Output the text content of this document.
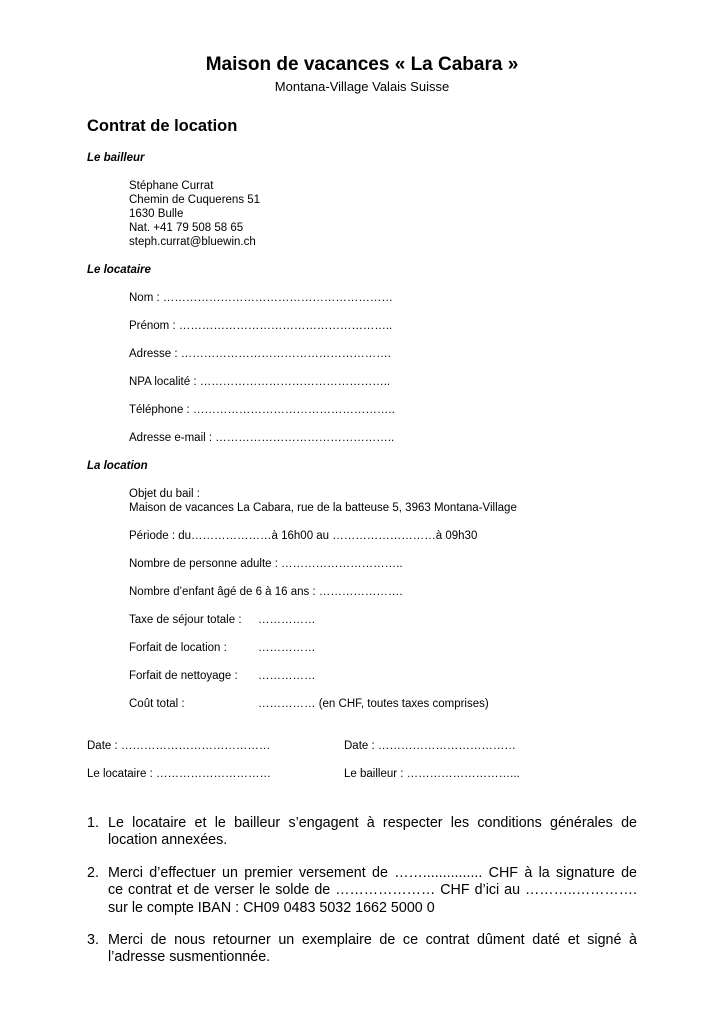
Maison de vacances « La Cabara »
Montana-Village Valais Suisse
Contrat de location
Le bailleur
Stéphane Currat
Chemin de Cuquerens 51
1630 Bulle
Nat. +41 79 508 58 65
steph.currat@bluewin.ch
Le locataire
Nom : ……………………………………………………
Prénom : ………………………………………………..
Adresse : ……………………………………………….
NPA localité : …………………………………………..
Téléphone : ……………………………………………..
Adresse e-mail : ………………………………………..
La location
Objet du bail :
Maison de vacances La Cabara, rue de la batteuse 5, 3963 Montana-Village
Période : du…………………à 16h00 au ………………………à 09h30
Nombre de personne adulte : …………………………..
Nombre d’enfant âgé de 6 à 16 ans : ………………….
Taxe de séjour totale : ……………
Forfait de location :	……………
Forfait de nettoyage : ……………
Coût total :	…………… (en CHF, toutes taxes comprises)
Date : …………………………………	Date : ………………………………
Le locataire : …………………………	Le bailleur : ………………………...
1. Le locataire et le bailleur s’engagent à respecter les conditions générales de
location annexées.
2. Merci d’effectuer un premier versement de ……............... CHF à la signature de
ce contrat et de verser le solde de ………………… CHF d’ici au ………..………….
sur le compte IBAN : CH09 0483 5032 1662 5000 0
3. Merci de nous retourner un exemplaire de ce contrat dûment daté et signé à
l’adresse susmentionnée.
